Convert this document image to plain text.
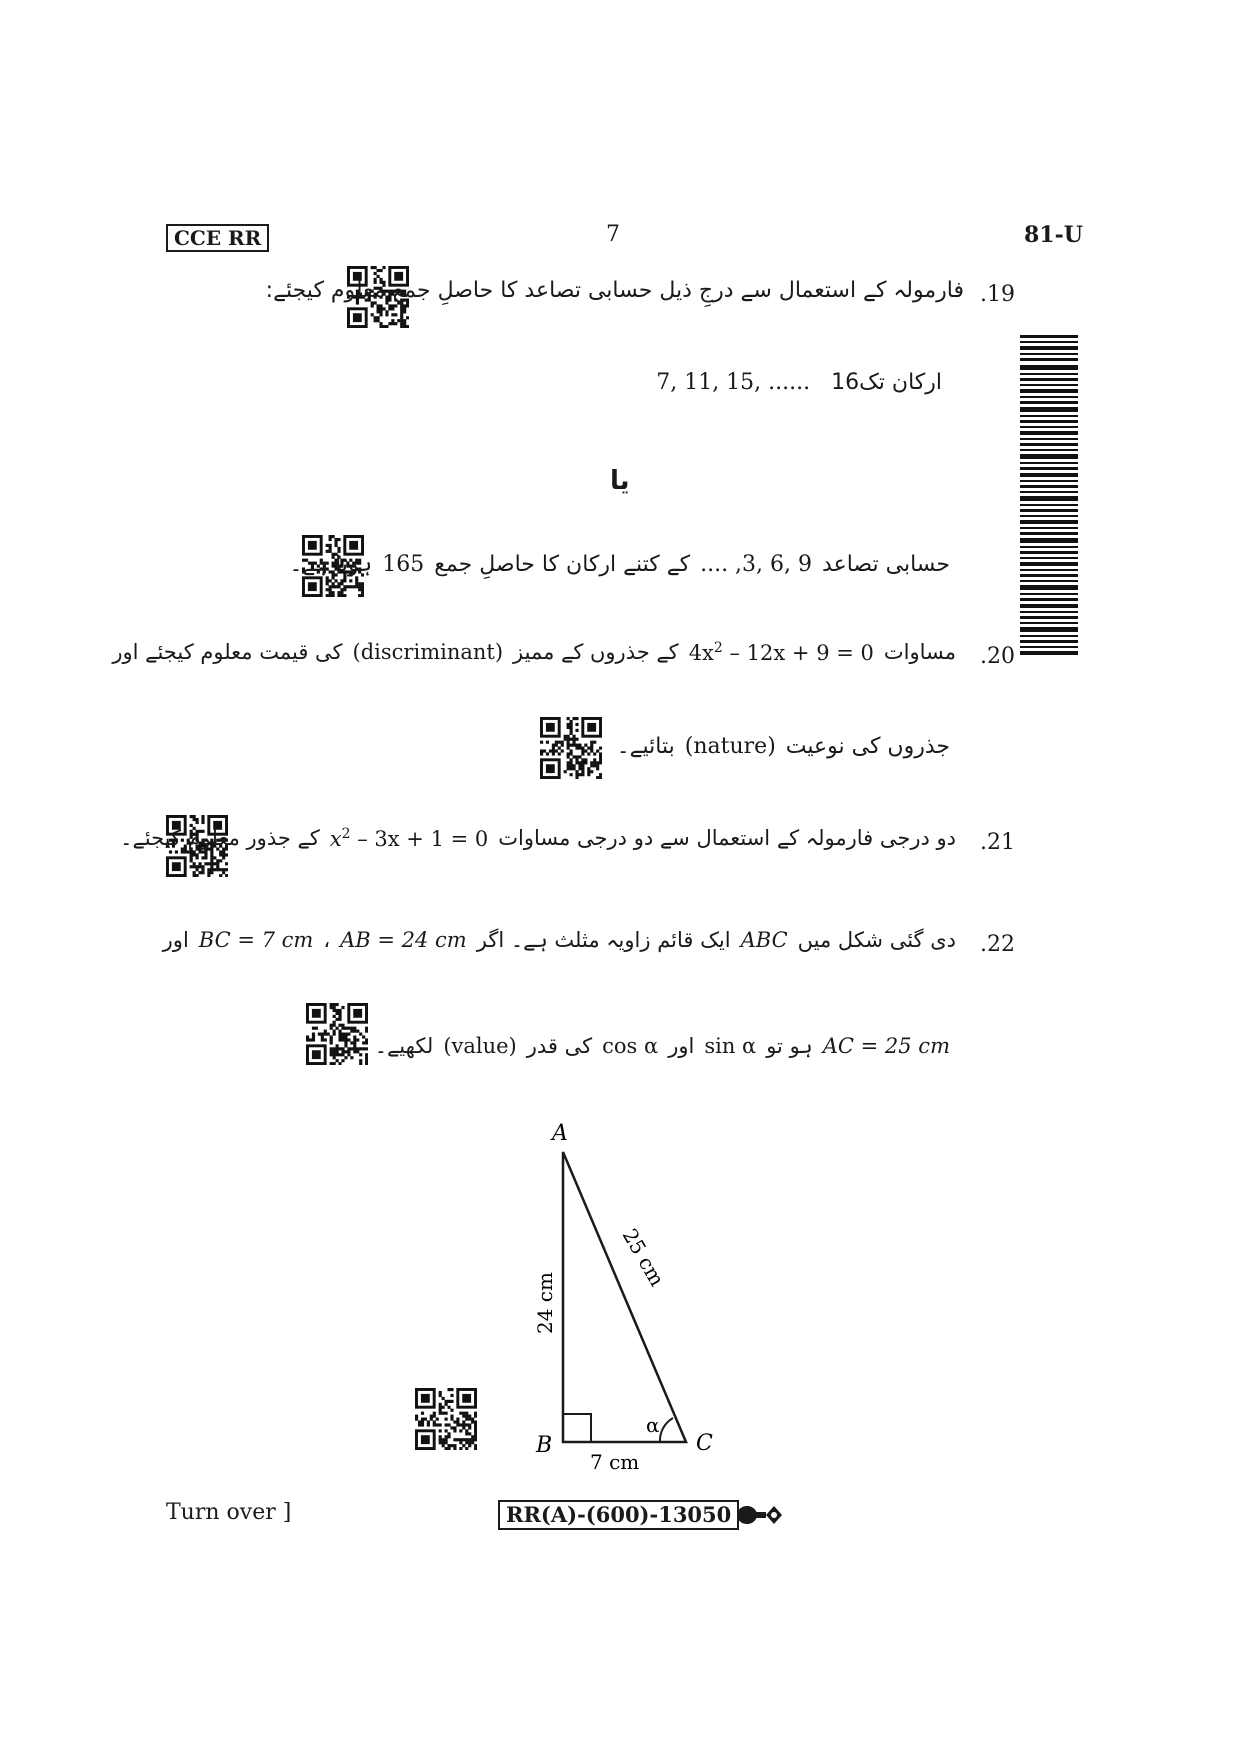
CCE RR	7	81-U
.19
فارمولہ کے استعمال سے درجِ ذیل حسابی تصاعد کا حاصلِ جمع معلوم کیجئے:
7, 11, 15, ...... 16ارکان تک
یا
حسابی تصاعد
.... ,3, 6, 9
کے کتنے ارکان کا حاصلِ جمع
165
ہوتا ہے۔
.20
مساوات
$4x^2 - 12x + 9 = 0$
کے جذروں کے ممیز
(discriminant)
کی قیمت معلوم کیجئے اور
جذروں کی نوعیت
(nature)
بتائیے۔
.21
دو درجی فارمولہ کے استعمال سے دو درجی مساوات
$x^2 - 3x + 1 = 0$
کے جذور معلوم کیجئے۔
.22
دی گئی شکل میں
ABC
ایک قائم زاویہ مثلث ہے۔ اگر
AB = 24 cm
،
BC = 7 cm
اور
AC = 25 cm
ہو تو
sin α
اور
cos α
کی قدر
(value)
لکھیے۔
A
B	C
α
7 cm
24 cm
25 cm
Turn over ]	RR(A)-(600)-13050
